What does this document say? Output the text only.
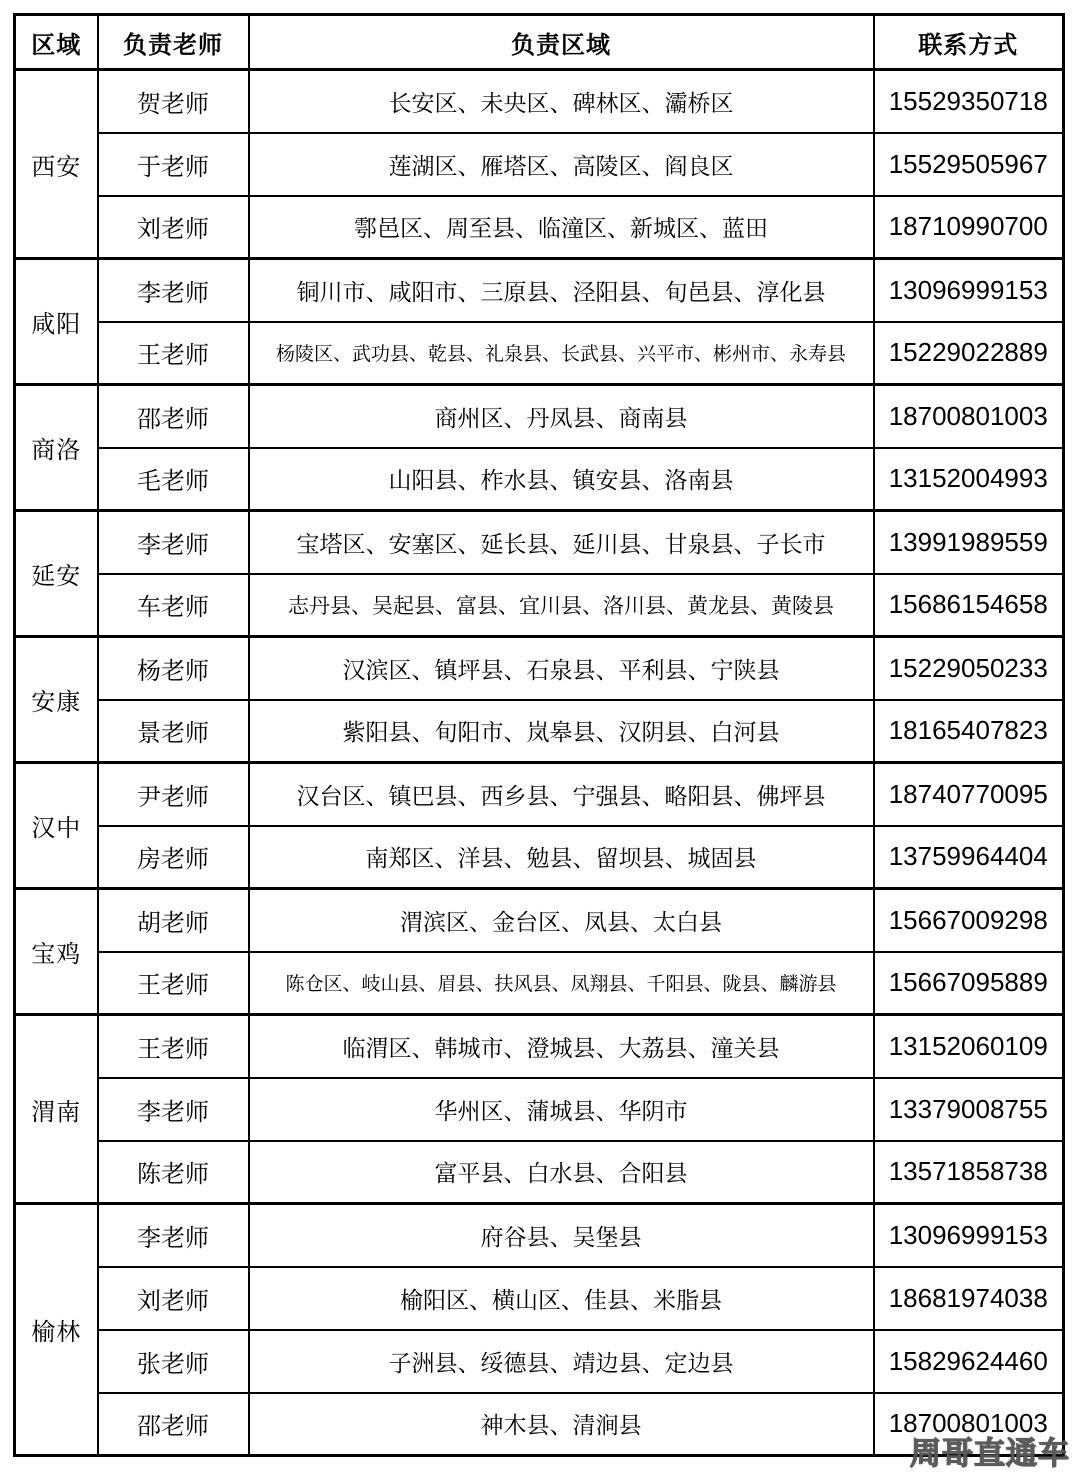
区域	负责老师	负责区域	联系方式
西安	贺老师	长安区、未央区、碑林区、灞桥区	15529350718
	于老师	莲湖区、雁塔区、高陵区、阎良区	15529505967
	刘老师	鄠邑区、周至县、临潼区、新城区、蓝田	18710990700
咸阳	李老师	铜川市、咸阳市、三原县、泾阳县、旬邑县、淳化县	13096999153
	王老师	杨陵区、武功县、乾县、礼泉县、长武县、兴平市、彬州市、永寿县	15229022889
商洛	邵老师	商州区、丹凤县、商南县	18700801003
	毛老师	山阳县、柞水县、镇安县、洛南县	13152004993
延安	李老师	宝塔区、安塞区、延长县、延川县、甘泉县、子长市	13991989559
	车老师	志丹县、吴起县、富县、宜川县、洛川县、黄龙县、黄陵县	15686154658
安康	杨老师	汉滨区、镇坪县、石泉县、平利县、宁陕县	15229050233
	景老师	紫阳县、旬阳市、岚皋县、汉阴县、白河县	18165407823
汉中	尹老师	汉台区、镇巴县、西乡县、宁强县、略阳县、佛坪县	18740770095
	房老师	南郑区、洋县、勉县、留坝县、城固县	13759964404
宝鸡	胡老师	渭滨区、金台区、凤县、太白县	15667009298
	王老师	陈仓区、岐山县、眉县、扶风县、凤翔县、千阳县、陇县、麟游县	15667095889
渭南	王老师	临渭区、韩城市、澄城县、大荔县、潼关县	13152060109
	李老师	华州区、蒲城县、华阴市	13379008755
	陈老师	富平县、白水县、合阳县	13571858738
榆林	李老师	府谷县、吴堡县	13096999153
	刘老师	榆阳区、横山区、佳县、米脂县	18681974038
	张老师	子洲县、绥德县、靖边县、定边县	15829624460
	邵老师	神木县、清涧县	18700801003
周哥直通车
